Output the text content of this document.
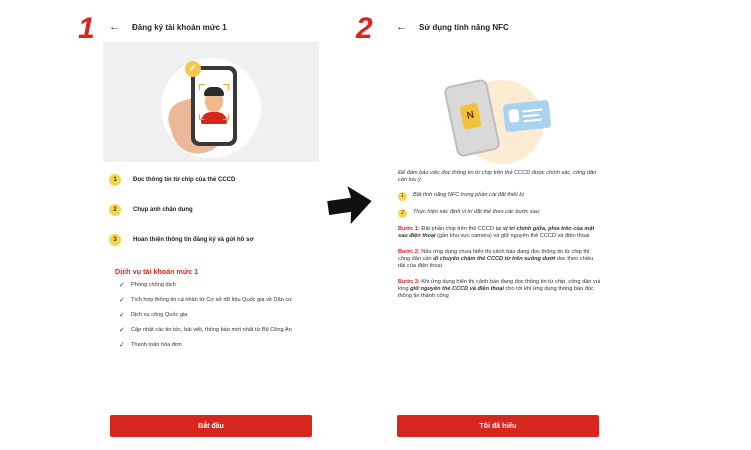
1	2
← Đăng ký tài khoản mức 1
✓
1	Đọc thông tin từ chip của thẻ CCCD
2	Chụp ảnh chân dung
3	Hoàn thiện thông tin đăng ký và gửi hồ sơ
Dịch vụ tài khoản mức 1
✓	Phòng chống dịch
✓	Tích hợp thông tin cá nhân từ Cơ sở dữ liệu Quốc gia về Dân cư
✓	Dịch vụ công Quốc gia
✓	Cập nhật các tin tức, bài viết, thông báo mới nhất từ Bộ Công An
✓	Thanh toán hóa đơn
Bắt đầu
← Sử dụng tính năng NFC
N

Để đảm bảo việc đọc thông tin từ chip trên thẻ CCCD được chính xác, công dân cần lưu ý:

1	Bật tính năng NFC trong phần cài đặt thiết bị
2	Thực hiện xác định vị trí đặt thẻ theo các bước sau:

Bước 1: Đặt phần chip trên thẻ CCCD tại vị trí chính giữa, phía trên của mặt sau điện thoại (gần khu vực camera) và giữ nguyên thẻ CCCD và điện thoại

Bước 2: Nếu ứng dụng chưa hiển thị cảnh báo đang đọc thông tin từ chip thì công dân cần di chuyển chậm thẻ CCCD từ trên xuống dưới dọc theo chiều dài của điện thoại

Bước 3: Khi ứng dụng hiển thị cảnh báo đang đọc thông tin từ chip, công dân vui lòng giữ nguyên thẻ CCCD và điện thoại cho tới khi ứng dụng thông báo đọc thông tin thành công

Tôi đã hiểu
